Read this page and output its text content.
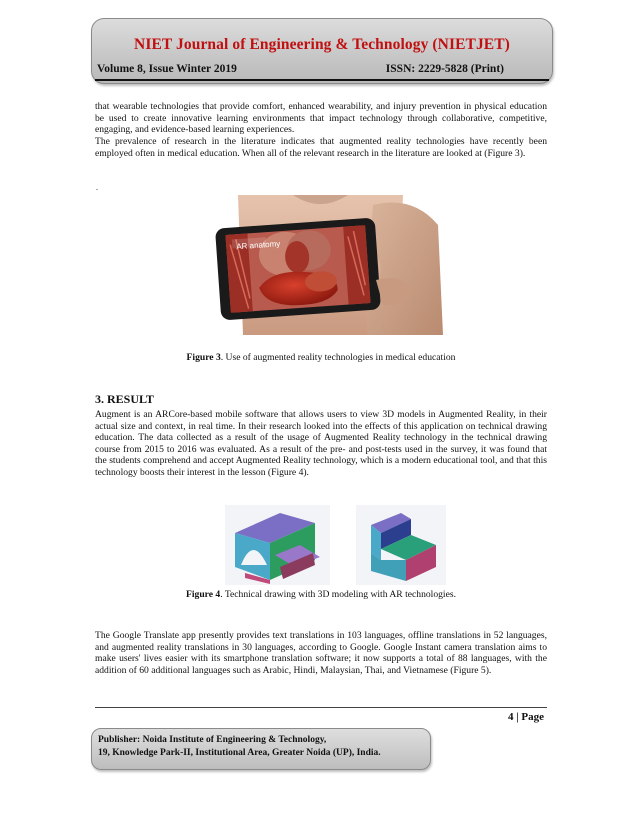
NIET Journal of Engineering & Technology (NIETJET)
Volume 8, Issue Winter 2019	ISSN: 2229-5828 (Print)

that wearable technologies that provide comfort, enhanced wearability, and injury prevention in physical education be used to create innovative learning environments that impact technology through collaborative, competitive, engaging, and evidence-based learning experiences.

The prevalence of research in the literature indicates that augmented reality technologies have recently been employed often in medical education. When all of the relevant research in the literature are looked at (Figure 3).

.
AR anatomy
Figure 3. Use of augmented reality technologies in medical education
3. RESULT

Augment is an ARCore-based mobile software that allows users to view 3D models in Augmented Reality, in their actual size and context, in real time. In their research looked into the effects of this application on technical drawing education. The data collected as a result of the usage of Augmented Reality technology in the technical drawing course from 2015 to 2016 was evaluated. As a result of the pre- and post-tests used in the survey, it was found that the students comprehend and accept Augmented Reality technology, which is a modern educational tool, and that this technology boosts their interest in the lesson (Figure 4).

Figure 4. Technical drawing with 3D modeling with AR technologies.

The Google Translate app presently provides text translations in 103 languages, offline translations in 52 languages, and augmented reality translations in 30 languages, according to Google. Google Instant camera translation aims to make users' lives easier with its smartphone translation software; it now supports a total of 88 languages, with the addition of 60 additional languages such as Arabic, Hindi, Malaysian, Thai, and Vietnamese (Figure 5).

4 | Page
Publisher: Noida Institute of Engineering & Technology,
19, Knowledge Park-II, Institutional Area, Greater Noida (UP), India.
